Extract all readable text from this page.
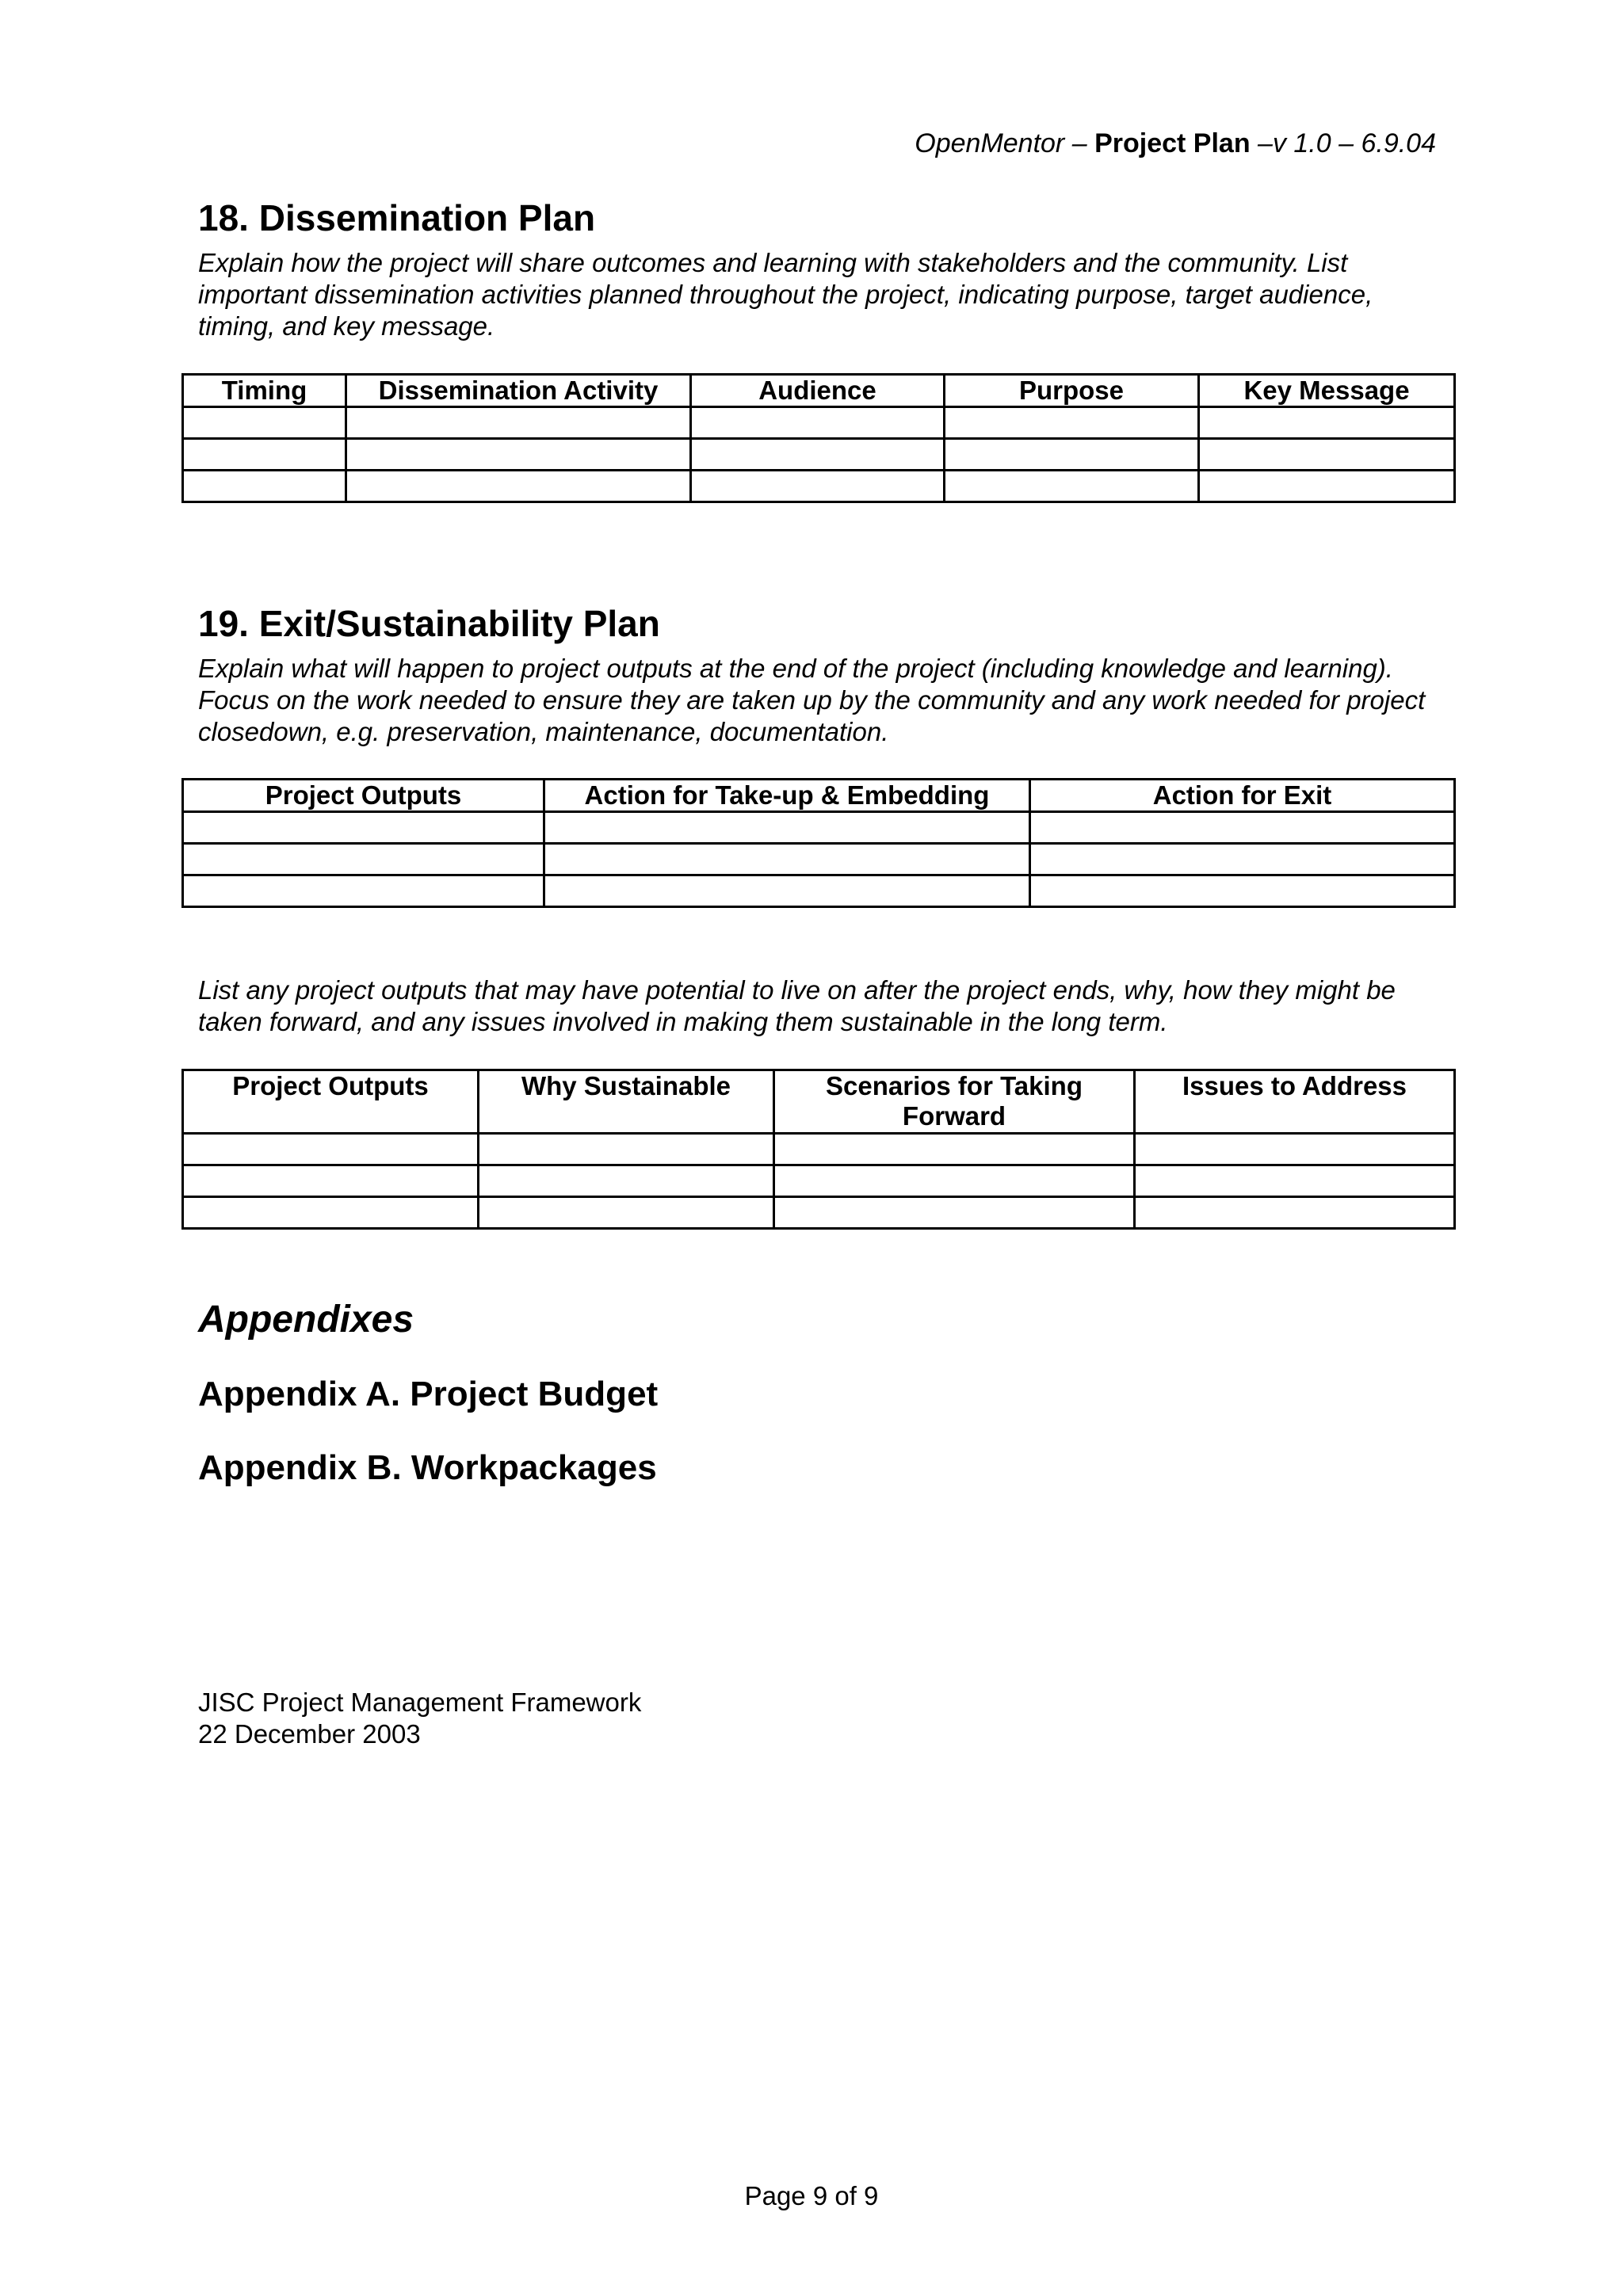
OpenMentor – Project Plan –v 1.0 – 6.9.04
18. Dissemination Plan
Explain how the project will share outcomes and learning with stakeholders and the community. List important dissemination activities planned throughout the project, indicating purpose, target audience, timing, and key message.
Timing	Dissemination Activity	Audience	Purpose	Key Message

19. Exit/Sustainability Plan
Explain what will happen to project outputs at the end of the project (including knowledge and learning). Focus on the work needed to ensure they are taken up by the community and any work needed for project closedown, e.g. preservation, maintenance, documentation.
Project Outputs	Action for Take-up & Embedding	Action for Exit

List any project outputs that may have potential to live on after the project ends, why, how they might be taken forward, and any issues involved in making them sustainable in the long term.
Project Outputs	Why Sustainable	Scenarios for Taking Forward	Issues to Address

Appendixes
Appendix A. Project Budget
Appendix B. Workpackages
JISC Project Management Framework
22 December 2003
Page 9 of 9
